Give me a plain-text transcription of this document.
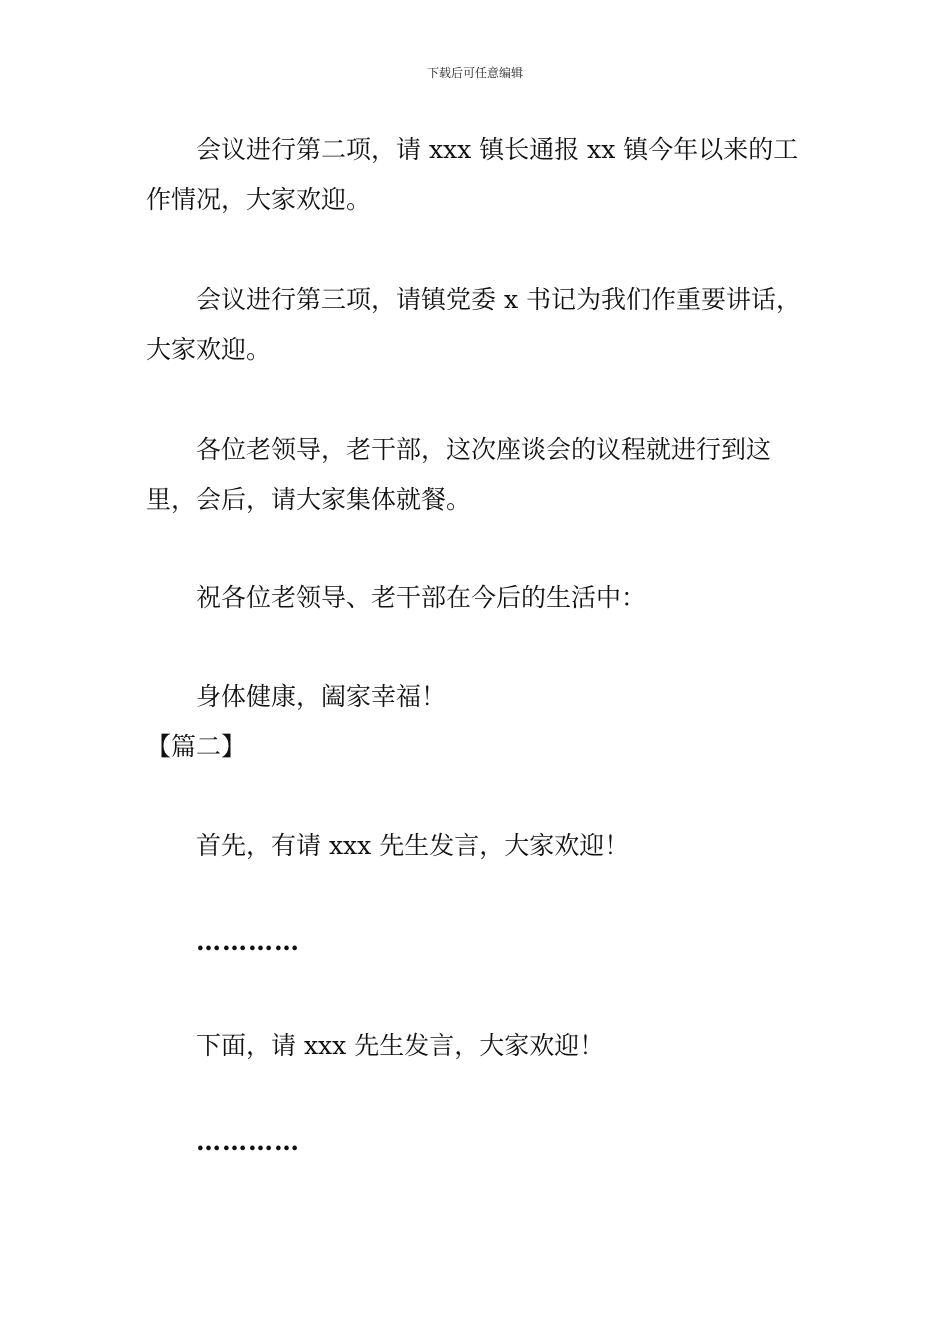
下载后可任意编辑

会议进行第二项，请 xxx 镇长通报 xx 镇今年以来的工作情况，大家欢迎。

会议进行第三项，请镇党委 x 书记为我们作重要讲话，大家欢迎。

各位老领导，老干部，这次座谈会的议程就进行到这里，会后，请大家集体就餐。

祝各位老领导、老干部在今后的生活中：

身体健康，阖家幸福！

【篇二】

首先，有请 xxx 先生发言，大家欢迎！

…………

下面，请 xxx 先生发言，大家欢迎！

…………
